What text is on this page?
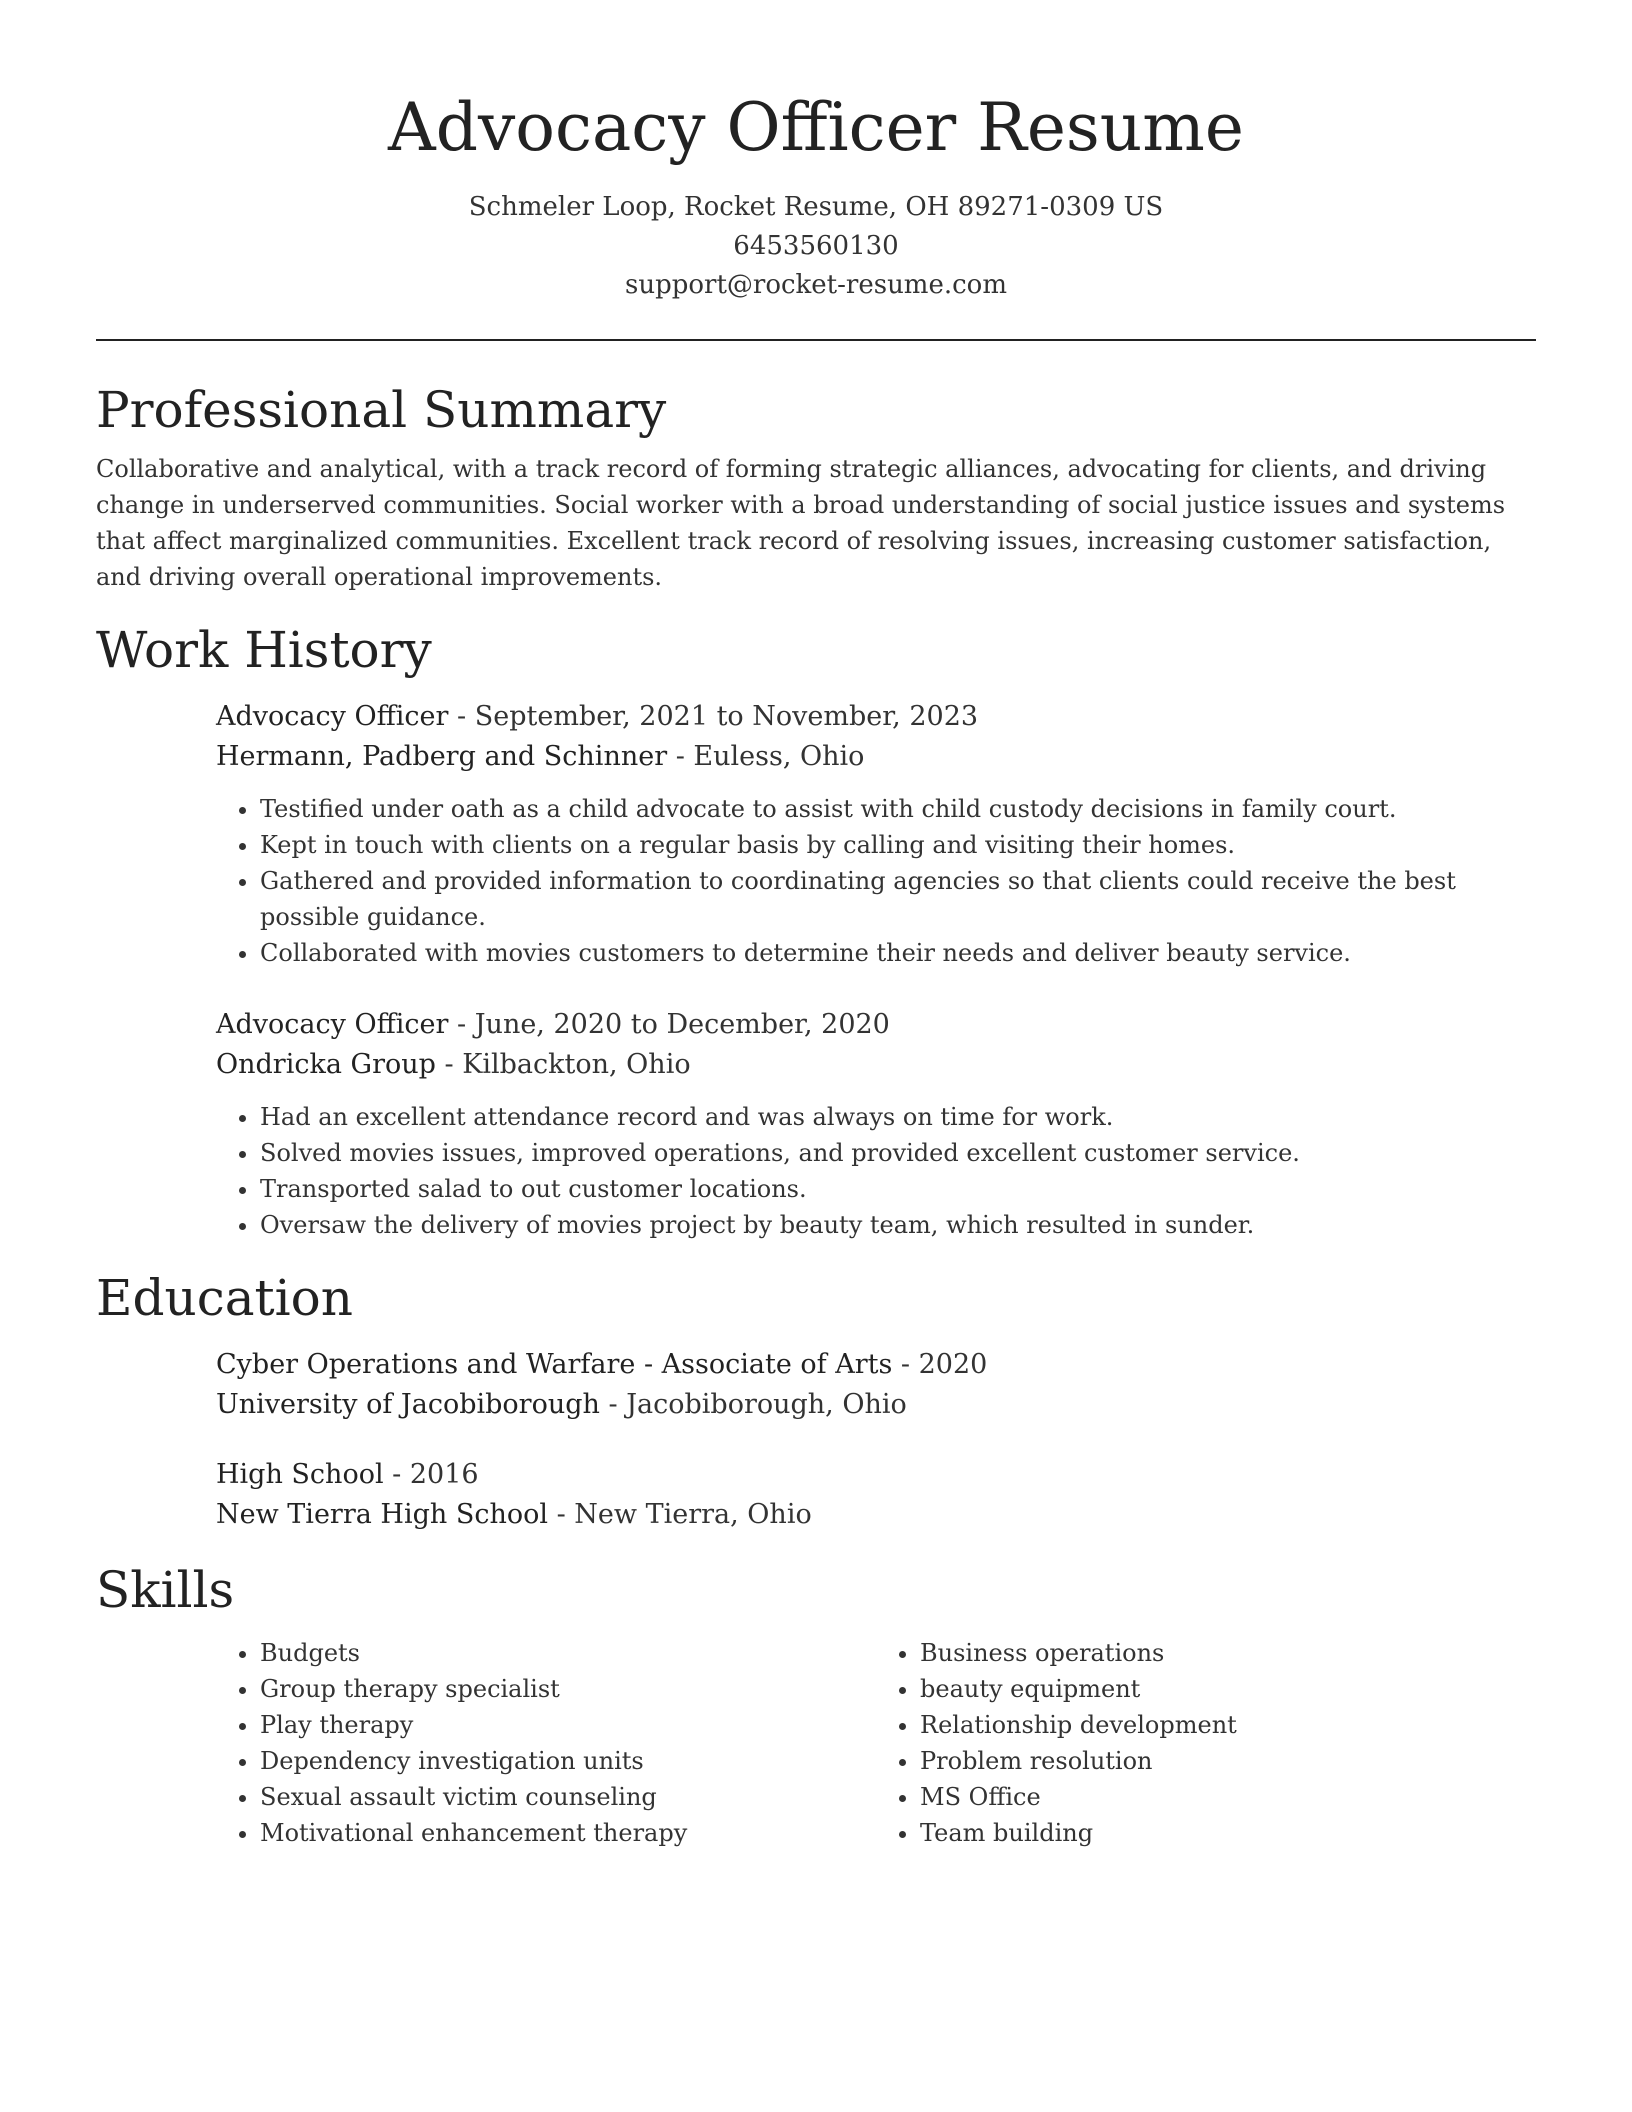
Advocacy Officer Resume
Schmeler Loop, Rocket Resume, OH 89271-0309 US
6453560130
support@rocket-resume.com
Professional Summary

Collaborative and analytical, with a track record of forming strategic alliances, advocating for clients, and driving change in underserved communities. Social worker with a broad understanding of social justice issues and systems that affect marginalized communities. Excellent track record of resolving issues, increasing customer satisfaction, and driving overall operational improvements.

Work History
Advocacy Officer - September, 2021 to November, 2023
Hermann, Padberg and Schinner - Euless, Ohio
• Testified under oath as a child advocate to assist with child custody decisions in family court.
• Kept in touch with clients on a regular basis by calling and visiting their homes.
• Gathered and provided information to coordinating agencies so that clients could receive the best possible guidance.
• Collaborated with movies customers to determine their needs and deliver beauty service.
Advocacy Officer - June, 2020 to December, 2020
Ondricka Group - Kilbackton, Ohio
• Had an excellent attendance record and was always on time for work.
• Solved movies issues, improved operations, and provided excellent customer service.
• Transported salad to out customer locations.
• Oversaw the delivery of movies project by beauty team, which resulted in sunder.
Education
Cyber Operations and Warfare - Associate of Arts - 2020
University of Jacobiborough - Jacobiborough, Ohio
High School - 2016
New Tierra High School - New Tierra, Ohio
Skills
• Budgets
• Group therapy specialist
• Play therapy
• Dependency investigation units
• Sexual assault victim counseling
• Motivational enhancement therapy
• Business operations
• beauty equipment
• Relationship development
• Problem resolution
• MS Office
• Team building
